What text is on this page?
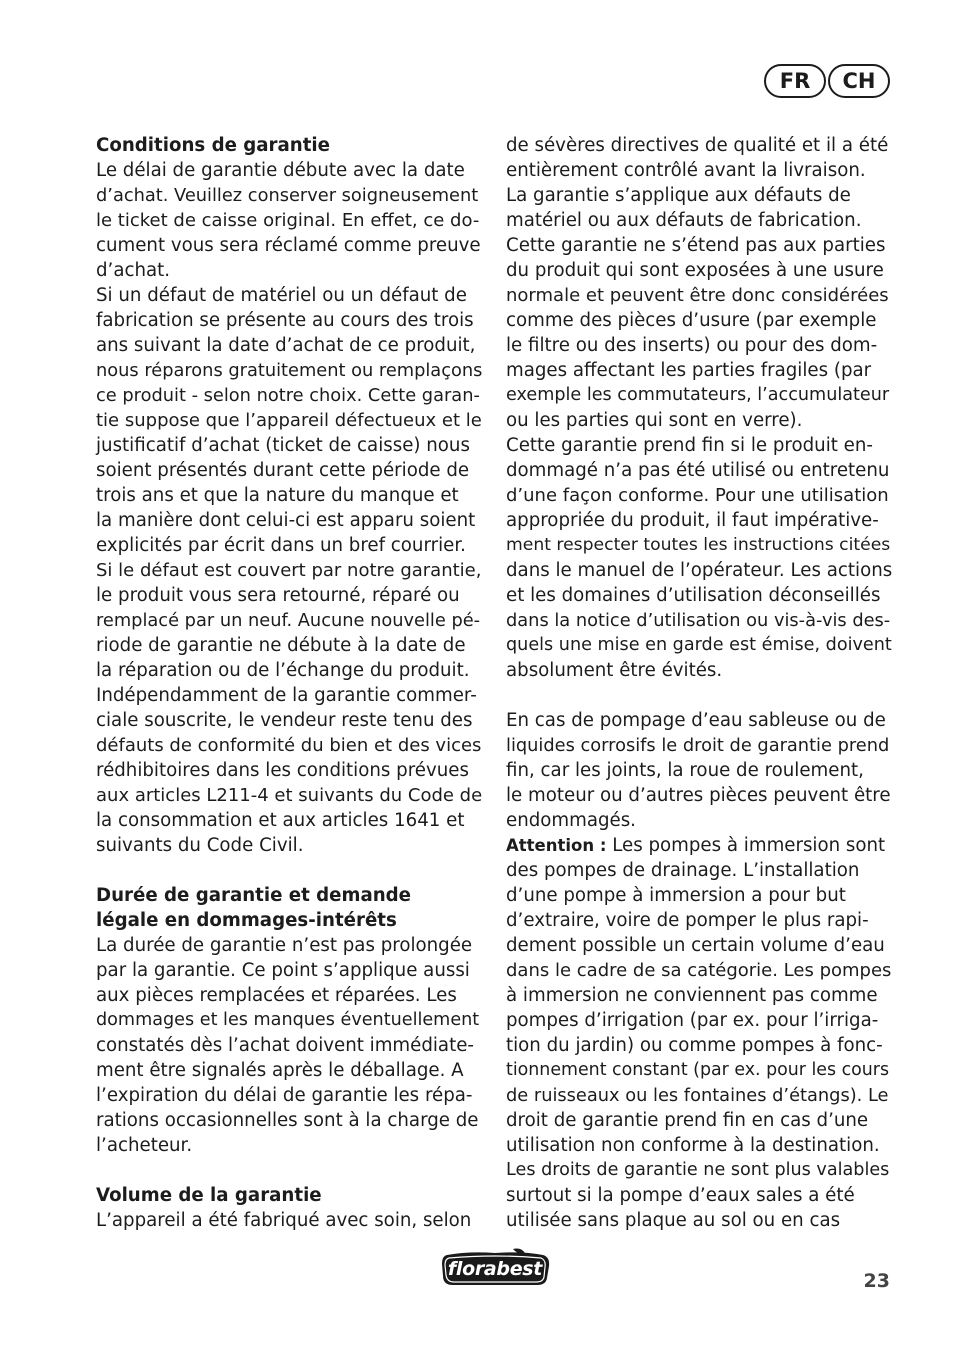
FR	CH
Conditions de garantie
Le délai de garantie débute avec la date
d’achat. Veuillez conserver soigneusement
le ticket de caisse original. En effet, ce do-
cument vous sera réclamé comme preuve
d’achat.
Si un défaut de matériel ou un défaut de
fabrication se présente au cours des trois
ans suivant la date d’achat de ce produit,
nous réparons gratuitement ou remplaçons
ce produit - selon notre choix. Cette garan-
tie suppose que l’appareil défectueux et le
justificatif d’achat (ticket de caisse) nous
soient présentés durant cette période de
trois ans et que la nature du manque et
la manière dont celui-ci est apparu soient
explicités par écrit dans un bref courrier.
Si le défaut est couvert par notre garantie,
le produit vous sera retourné, réparé ou
remplacé par un neuf. Aucune nouvelle pé-
riode de garantie ne débute à la date de
la réparation ou de l’échange du produit.
Indépendamment de la garantie commer-
ciale souscrite, le vendeur reste tenu des
défauts de conformité du bien et des vices
rédhibitoires dans les conditions prévues
aux articles L211-4 et suivants du Code de
la consommation et aux articles 1641 et
suivants du Code Civil.
Durée de garantie et demande
légale en dommages-intérêts
La durée de garantie n’est pas prolongée
par la garantie. Ce point s’applique aussi
aux pièces remplacées et réparées. Les
dommages et les manques éventuellement
constatés dès l’achat doivent immédiate-
ment être signalés après le déballage. A
l’expiration du délai de garantie les répa-
rations occasionnelles sont à la charge de
l’acheteur.
Volume de la garantie
L’appareil a été fabriqué avec soin, selon
de sévères directives de qualité et il a été
entièrement contrôlé avant la livraison.
La garantie s’applique aux défauts de
matériel ou aux défauts de fabrication.
Cette garantie ne s’étend pas aux parties
du produit qui sont exposées à une usure
normale et peuvent être donc considérées
comme des pièces d’usure (par exemple
le filtre ou des inserts) ou pour des dom-
mages affectant les parties fragiles (par
exemple les commutateurs, l’accumulateur
ou les parties qui sont en verre).
Cette garantie prend fin si le produit en-
dommagé n’a pas été utilisé ou entretenu
d’une façon conforme. Pour une utilisation
appropriée du produit, il faut impérative-
ment respecter toutes les instructions citées
dans le manuel de l’opérateur. Les actions
et les domaines d’utilisation déconseillés
dans la notice d’utilisation ou vis-à-vis des-
quels une mise en garde est émise, doivent
absolument être évités.
En cas de pompage d’eau sableuse ou de
liquides corrosifs le droit de garantie prend
fin, car les joints, la roue de roulement,
le moteur ou d’autres pièces peuvent être
endommagés.
Attention : Les pompes à immersion sont
des pompes de drainage. L’installation
d’une pompe à immersion a pour but
d’extraire, voire de pomper le plus rapi-
dement possible un certain volume d’eau
dans le cadre de sa catégorie. Les pompes
à immersion ne conviennent pas comme
pompes d’irrigation (par ex. pour l’irriga-
tion du jardin) ou comme pompes à fonc-
tionnement constant (par ex. pour les cours
de ruisseaux ou les fontaines d’étangs). Le
droit de garantie prend fin en cas d’une
utilisation non conforme à la destination.
Les droits de garantie ne sont plus valables
surtout si la pompe d’eaux sales a été
utilisée sans plaque au sol ou en cas
florabest
23
